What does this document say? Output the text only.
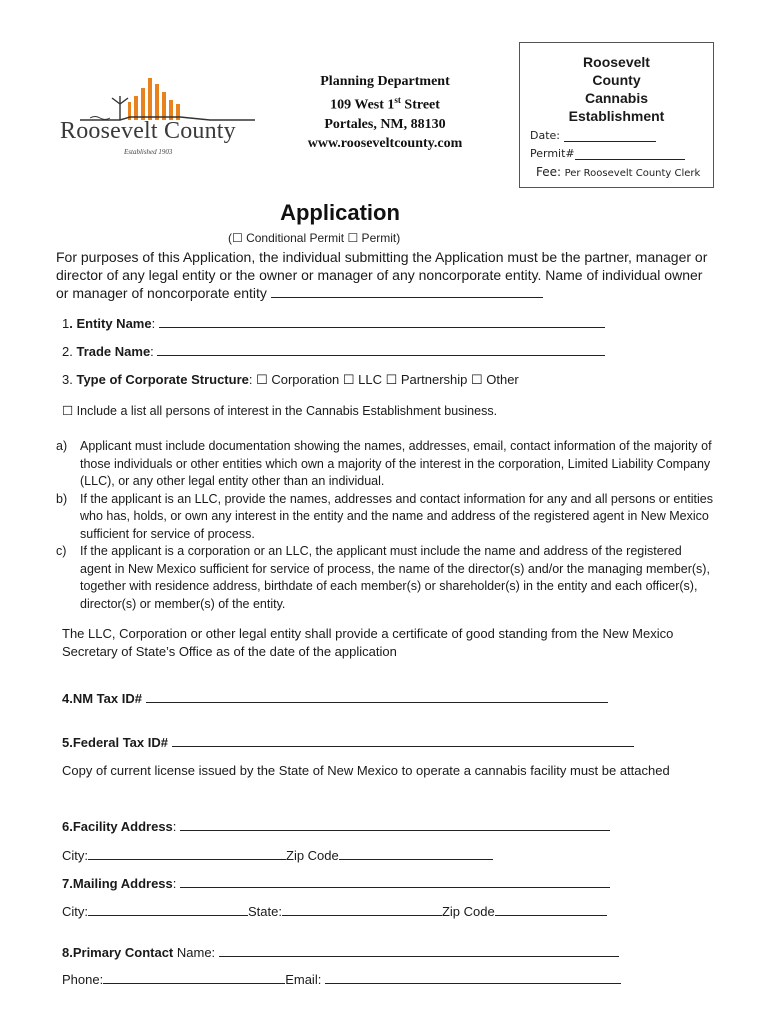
Roosevelt County
Established 1903
Planning Department
109 West 1st Street
Portales, NM, 88130
www.rooseveltcounty.com
Roosevelt
County
Cannabis
Establishment
Date:
Permit#
Fee: Per Roosevelt County Clerk
Application
(☐ Conditional Permit ☐ Permit)
For purposes of this Application, the individual submitting the Application must be the partner, manager or director of any legal entity or the owner or manager of any noncorporate entity. Name of individual owner or manager of noncorporate entity
1. Entity Name:
2. Trade Name:
3. Type of Corporate Structure: ☐ Corporation ☐ LLC ☐ Partnership ☐ Other
☐ Include a list all persons of interest in the Cannabis Establishment business.
a) Applicant must include documentation showing the names, addresses, email, contact information of the majority of those individuals or other entities which own a majority of the interest in the corporation, Limited Liability Company (LLC), or any other legal entity other than an individual.
b) If the applicant is an LLC, provide the names, addresses and contact information for any and all persons or entities who has, holds, or own any interest in the entity and the name and address of the registered agent in New Mexico sufficient for service of process.
c) If the applicant is a corporation or an LLC, the applicant must include the name and address of the registered agent in New Mexico sufficient for service of process, the name of the director(s) and/or the managing member(s), together with residence address, birthdate of each member(s) or shareholder(s) in the entity and each officer(s), director(s) or member(s) of the entity.
The LLC, Corporation or other legal entity shall provide a certificate of good standing from the New Mexico Secretary of State’s Office as of the date of the application
4.NM Tax ID#
5.Federal Tax ID#
Copy of current license issued by the State of New Mexico to operate a cannabis facility must be attached
6.Facility Address:
City:	Zip Code
7.Mailing Address:
City:	State:	Zip Code
8.Primary Contact Name:
Phone:	Email:
